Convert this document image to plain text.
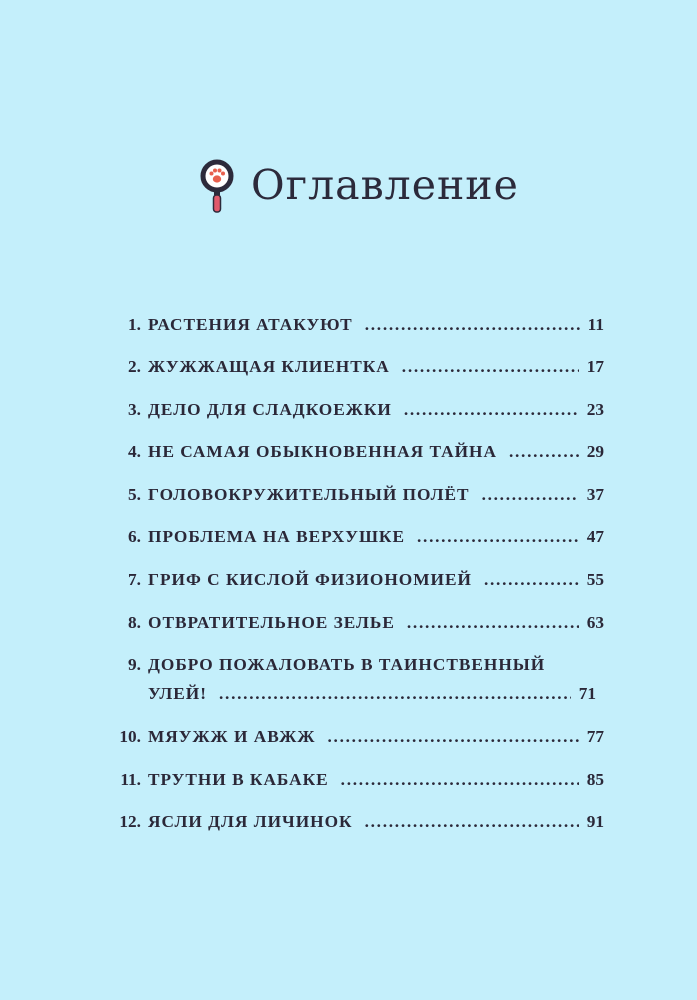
Оглавление
1. РАСТЕНИЯ АТАКУЮТ . . .	11
2. ЖУЖЖАЩАЯ КЛИЕНТКА . . .	17
3. ДЕЛО ДЛЯ СЛАДКОЕЖКИ . . .	23
4. НЕ САМАЯ ОБЫКНОВЕННАЯ ТАЙНА . . .	29
5. ГОЛОВОКРУЖИТЕЛЬНЫЙ ПОЛЁТ . . .	37
6. ПРОБЛЕМА НА ВЕРХУШКЕ . . .	47
7. ГРИФ С КИСЛОЙ ФИЗИОНОМИЕЙ . . .	55
8. ОТВРАТИТЕЛЬНОЕ ЗЕЛЬЕ . . .	63
9. ДОБРО ПОЖАЛОВАТЬ В ТАИНСТВЕННЫЙ
УЛЕЙ! . . .	71
10. МЯУЖЖ И АВЖЖ . . .	77
11. ТРУТНИ В КАБАКЕ . . .	85
12. ЯСЛИ ДЛЯ ЛИЧИНОК . . .	91
